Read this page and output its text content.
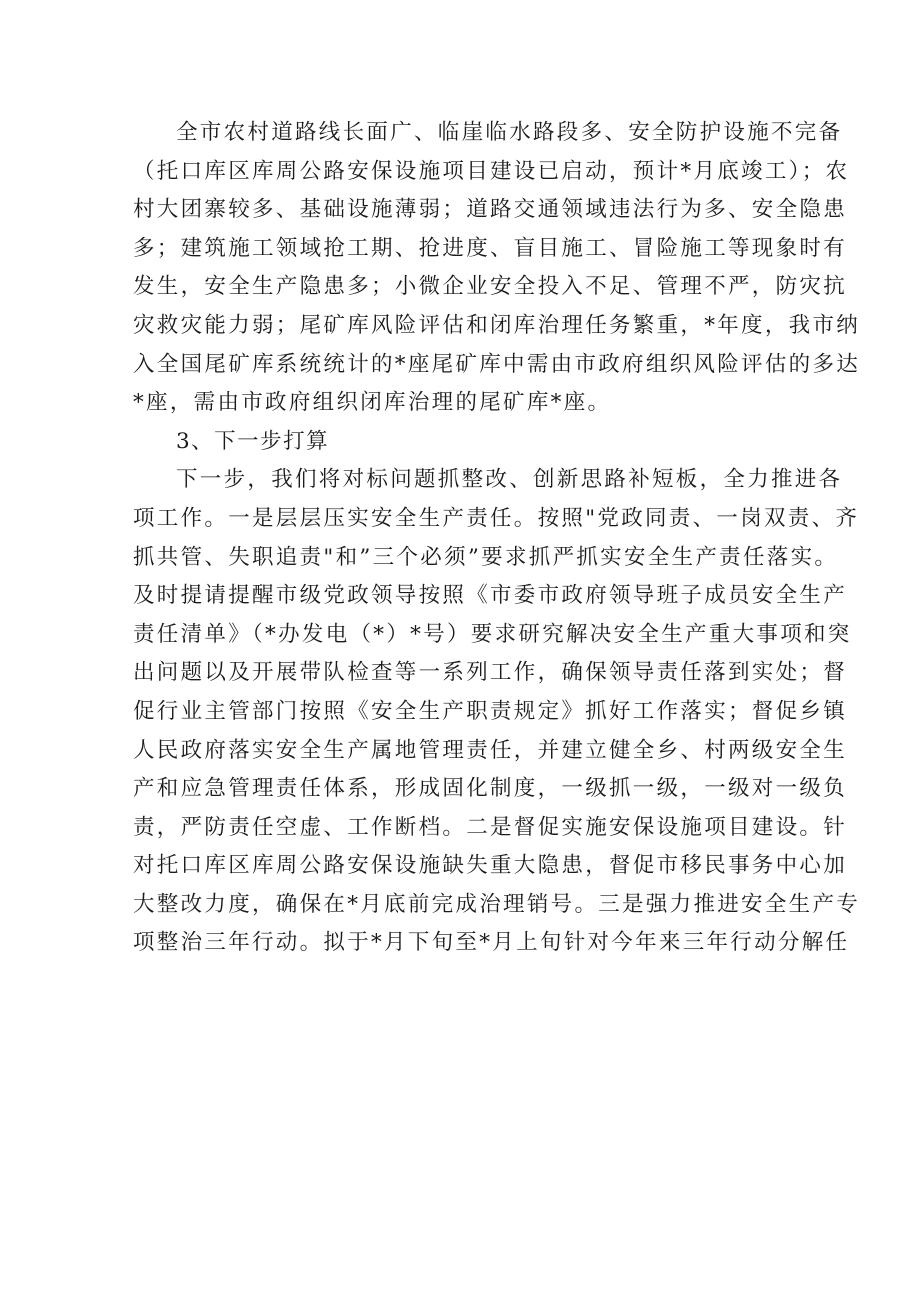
全市农村道路线长面广、临崖临水路段多、安全防护设施不完备
（托口库区库周公路安保设施项目建设已启动，预计*月底竣工）；农
村大团寨较多、基础设施薄弱；道路交通领域违法行为多、安全隐患
多；建筑施工领域抢工期、抢进度、盲目施工、冒险施工等现象时有
发生，安全生产隐患多；小微企业安全投入不足、管理不严，防灾抗
灾救灾能力弱；尾矿库风险评估和闭库治理任务繁重，*年度，我市纳
入全国尾矿库系统统计的*座尾矿库中需由市政府组织风险评估的多达
*座，需由市政府组织闭库治理的尾矿库*座。

3、下一步打算

下一步，我们将对标问题抓整改、创新思路补短板，全力推进各
项工作。一是层层压实安全生产责任。按照"党政同责、一岗双责、齐
抓共管、失职追责"和”三个必须”要求抓严抓实安全生产责任落实。
及时提请提醒市级党政领导按照《市委市政府领导班子成员安全生产
责任清单》（*办发电（*）*号）要求研究解决安全生产重大事项和突
出问题以及开展带队检查等一系列工作，确保领导责任落到实处；督
促行业主管部门按照《安全生产职责规定》抓好工作落实；督促乡镇
人民政府落实安全生产属地管理责任，并建立健全乡、村两级安全生
产和应急管理责任体系，形成固化制度，一级抓一级，一级对一级负
责，严防责任空虚、工作断档。二是督促实施安保设施项目建设。针
对托口库区库周公路安保设施缺失重大隐患，督促市移民事务中心加
大整改力度，确保在*月底前完成治理销号。三是强力推进安全生产专
项整治三年行动。拟于*月下旬至*月上旬针对今年来三年行动分解任
